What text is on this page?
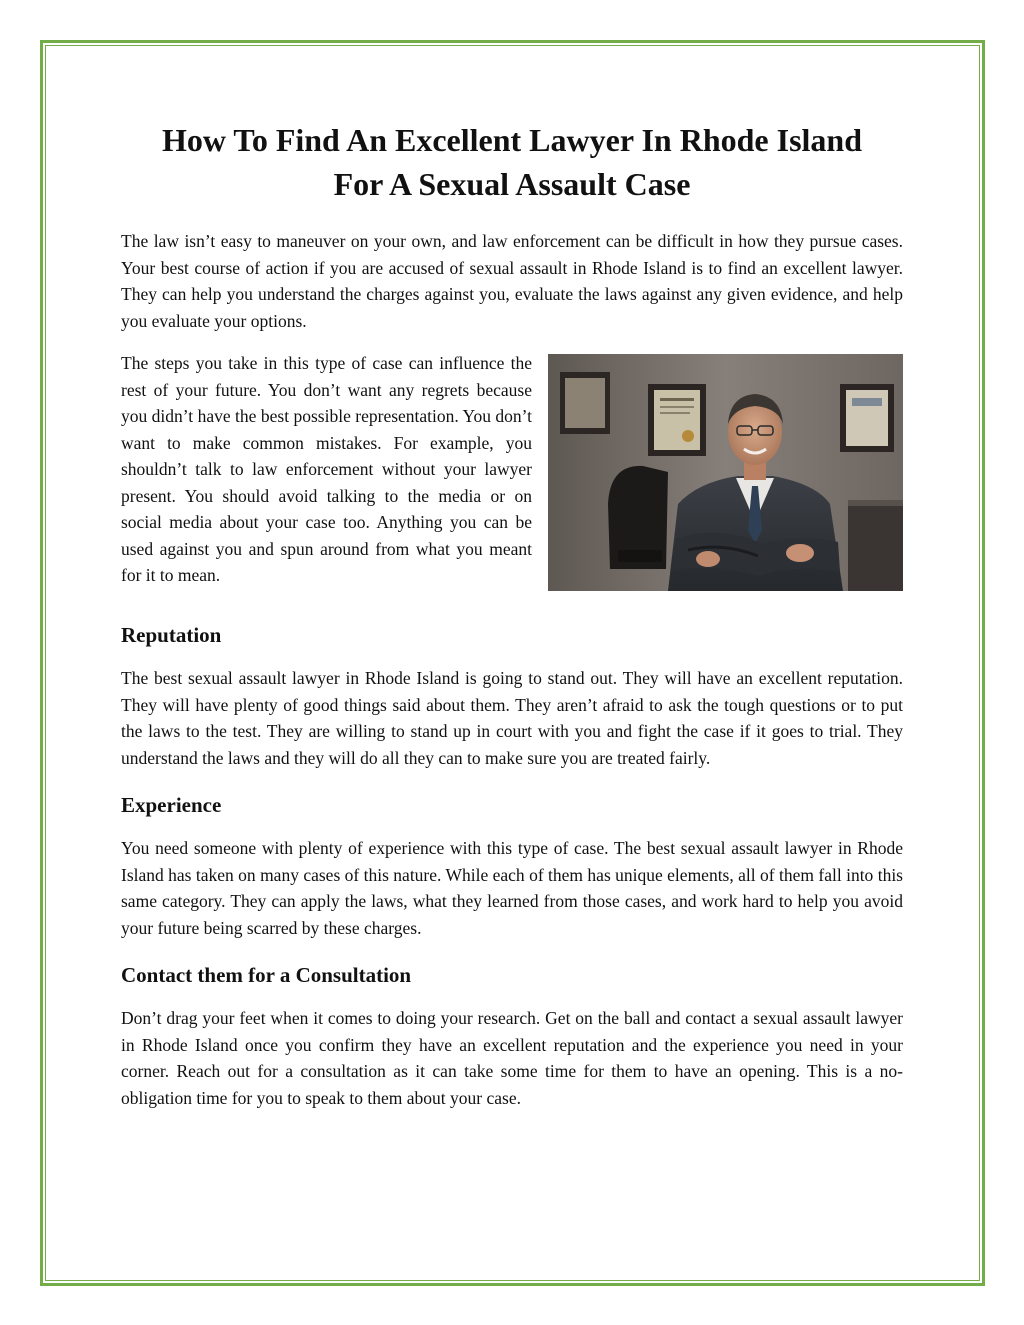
How To Find An Excellent Lawyer In Rhode Island
For A Sexual Assault Case

The law isn’t easy to maneuver on your own, and law enforcement can be difficult in how they pursue cases. Your best course of action if you are accused of sexual assault in Rhode Island is to find an excellent lawyer. They can help you understand the charges against you, evaluate the laws against any given evidence, and help you evaluate your options.

The steps you take in this type of case can influence the rest of your future. You don’t want any regrets because you didn’t have the best possible representation. You don’t want to make common mistakes. For example, you shouldn’t talk to law enforcement without your lawyer present. You should avoid talking to the media or on social media about your case too. Anything you can be used against you and spun around from what you meant for it to mean.

Reputation

The best sexual assault lawyer in Rhode Island is going to stand out. They will have an excellent reputation. They will have plenty of good things said about them. They aren’t afraid to ask the tough questions or to put the laws to the test. They are willing to stand up in court with you and fight the case if it goes to trial. They understand the laws and they will do all they can to make sure you are treated fairly.

Experience

You need someone with plenty of experience with this type of case. The best sexual assault lawyer in Rhode Island has taken on many cases of this nature. While each of them has unique elements, all of them fall into this same category. They can apply the laws, what they learned from those cases, and work hard to help you avoid your future being scarred by these charges.

Contact them for a Consultation

Don’t drag your feet when it comes to doing your research. Get on the ball and contact a sexual assault lawyer in Rhode Island once you confirm they have an excellent reputation and the experience you need in your corner. Reach out for a consultation as it can take some time for them to have an opening. This is a no-obligation time for you to speak to them about your case.
